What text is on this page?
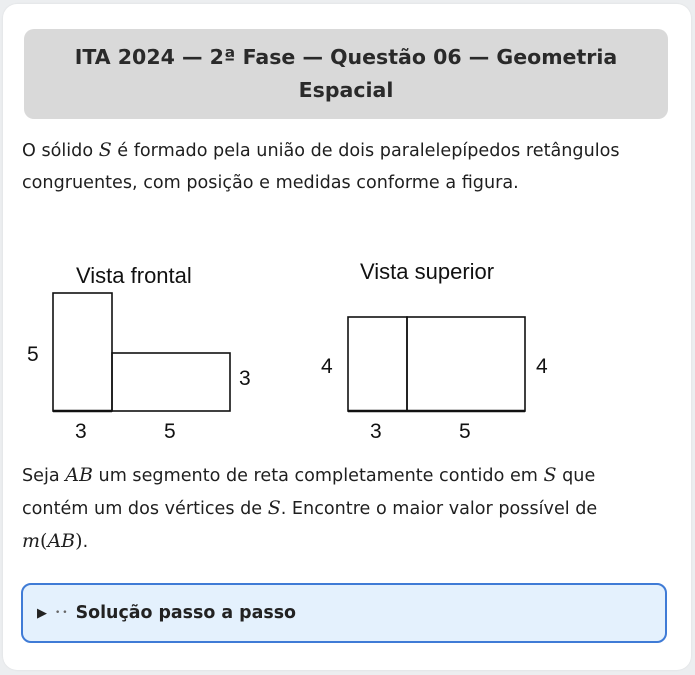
ITA 2024 — 2ª Fase — Questão 06 — Geometria Espacial

O sólido S é formado pela união de dois paralelepípedos retângulos congruentes, com posição e medidas conforme a figura.

Vista frontal
5
3
3	5
Vista superior
4	4
3	5

Seja AB um segmento de reta completamente contido em S que contém um dos vértices de S. Encontre o maior valor possível de m(AB).

▶ •• Solução passo a passo
